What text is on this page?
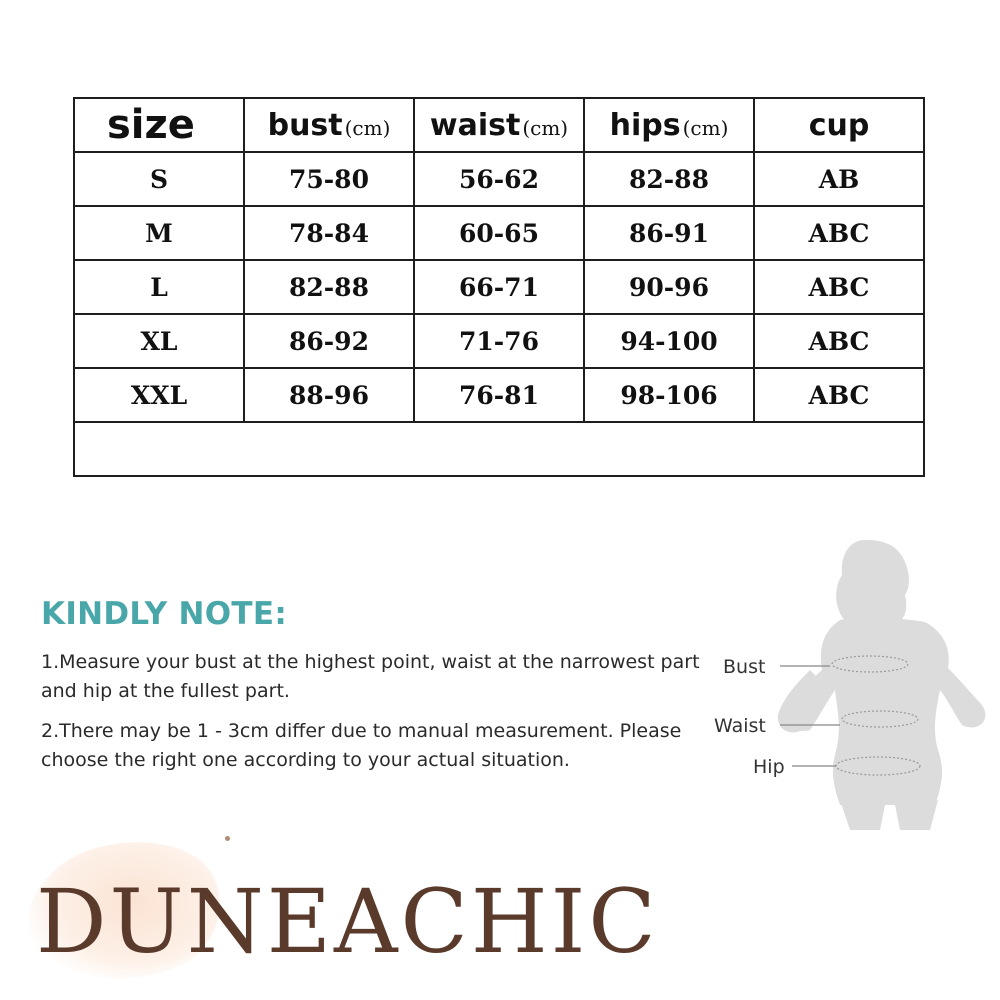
size	bust (cm)	waist (cm)	hips (cm)	cup
S	75-80	56-62	82-88	AB
M	78-84	60-65	86-91	ABC
L	82-88	66-71	90-96	ABC
XL	86-92	71-76	94-100	ABC
XXL	88-96	76-81	98-106	ABC

KINDLY NOTE:
1.Measure your bust at the highest point, waist at the narrowest part and hip at the fullest part.
2.There may be 1 - 3cm differ due to manual measurement. Please choose the right one according to your actual situation.
Bust
Waist
Hip
DUNEACHIC
